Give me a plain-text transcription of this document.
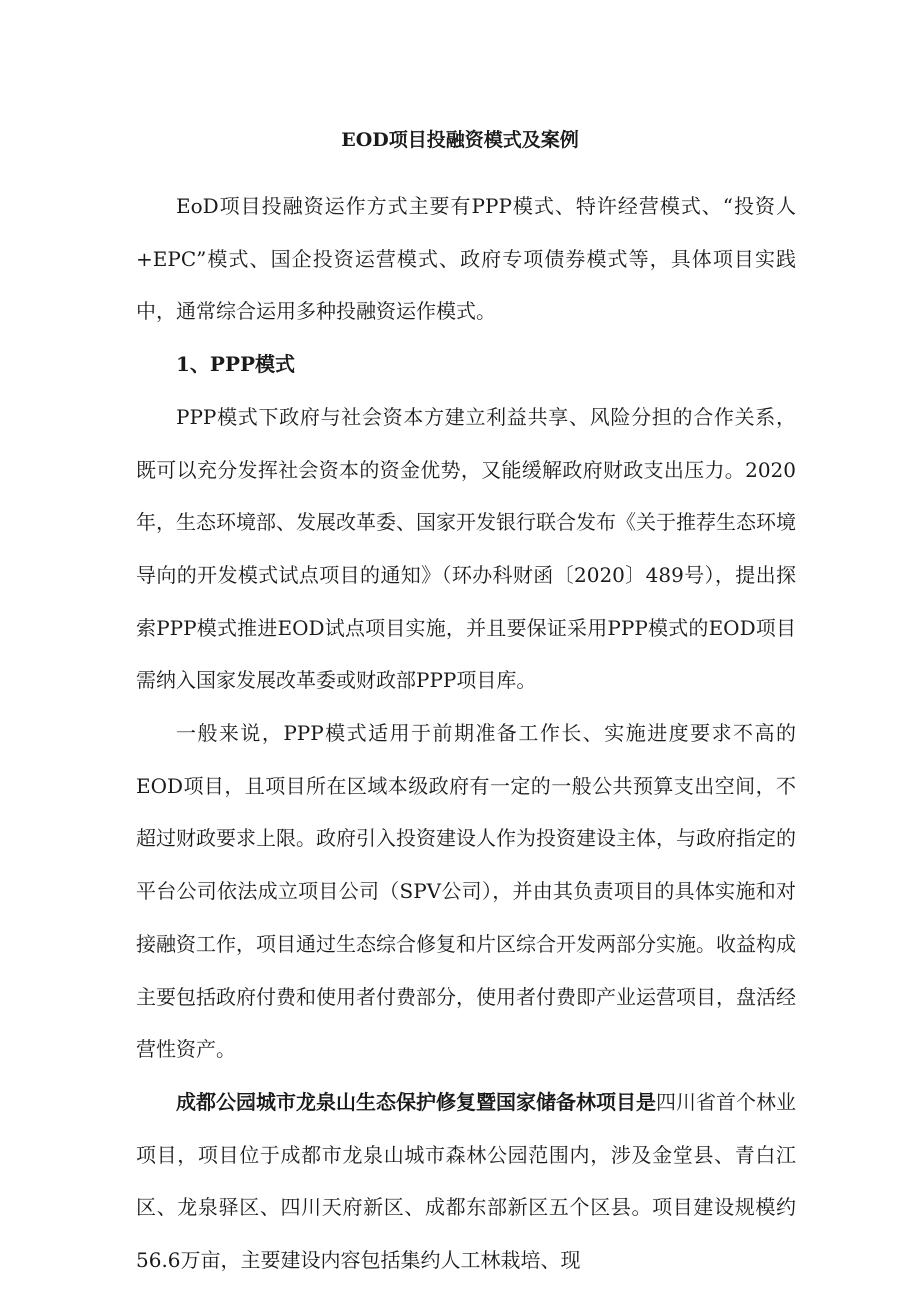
EOD项目投融资模式及案例

EoD项目投融资运作方式主要有PPP模式、特许经营模式、“投资人+EPC”模式、国企投资运营模式、政府专项债券模式等，具体项目实践中，通常综合运用多种投融资运作模式。

1、PPP模式

PPP模式下政府与社会资本方建立利益共享、风险分担的合作关系，既可以充分发挥社会资本的资金优势，又能缓解政府财政支出压力。2020年，生态环境部、发展改革委、国家开发银行联合发布《关于推荐生态环境导向的开发模式试点项目的通知》（环办科财函〔2020〕489号），提出探索PPP模式推进EOD试点项目实施，并且要保证采用PPP模式的EOD项目需纳入国家发展改革委或财政部PPP项目库。

一般来说，PPP模式适用于前期准备工作长、实施进度要求不高的EOD项目，且项目所在区域本级政府有一定的一般公共预算支出空间，不超过财政要求上限。政府引入投资建设人作为投资建设主体，与政府指定的平台公司依法成立项目公司（SPV公司），并由其负责项目的具体实施和对接融资工作，项目通过生态综合修复和片区综合开发两部分实施。收益构成主要包括政府付费和使用者付费部分，使用者付费即产业运营项目，盘活经营性资产。

成都公园城市龙泉山生态保护修复暨国家储备林项目是四川省首个林业项目，项目位于成都市龙泉山城市森林公园范围内，涉及金堂县、青白江区、龙泉驿区、四川天府新区、成都东部新区五个区县。项目建设规模约56.6万亩，主要建设内容包括集约人工林栽培、现
